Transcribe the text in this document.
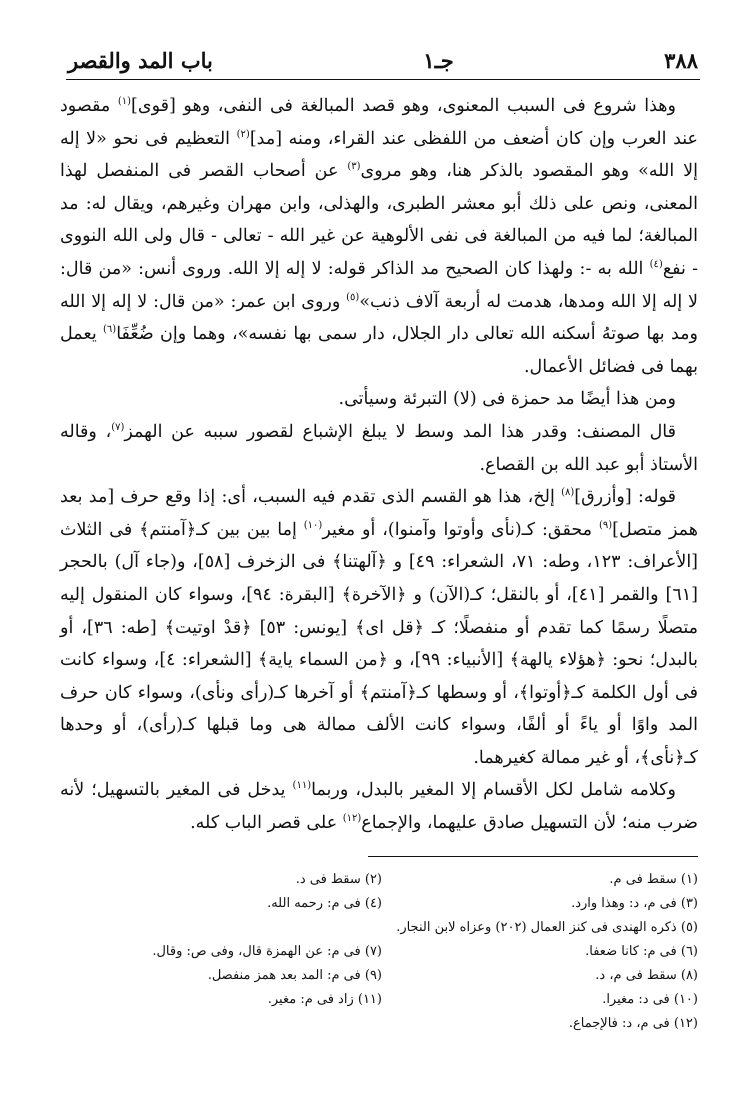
باب المد والقصر	جـ١	٣٨٨

وهذا شروع فى السبب المعنوى، وهو قصد المبالغة فى النفى، وهو [قوى]$^{(١)}$ مقصود عند العرب وإن كان أضعف من اللفظى عند القراء، ومنه [مد]$^{(٢)}$ التعظيم فى نحو «لا إله إلا الله» وهو المقصود بالذكر هنا، وهو مروى$^{(٣)}$ عن أصحاب القصر فى المنفصل لهذا المعنى، ونص على ذلك أبو معشر الطبرى، والهذلى، وابن مهران وغيرهم، ويقال له: مد المبالغة؛ لما فيه من المبالغة فى نفى الألوهية عن غير الله - تعالى - قال ولى الله النووى - نفع$^{(٤)}$ الله به -: ولهذا كان الصحيح مد الذاكر قوله: لا إله إلا الله. وروى أنس: «من قال: لا إله إلا الله ومدها، هدمت له أربعة آلاف ذنب»$^{(٥)}$ وروى ابن عمر: «من قال: لا إله إلا الله ومد بها صوتهُ أسكنه الله تعالى دار الجلال، دار سمى بها نفسه»، وهما وإن ضُعِّفَا$^{(٦)}$ يعمل بهما فى فضائل الأعمال.

ومن هذا أيضًا مد حمزة فى (لا) التبرئة وسيأتى.

قال المصنف: وقدر هذا المد وسط لا يبلغ الإشباع لقصور سببه عن الهمز$^{(٧)}$، وقاله الأستاذ أبو عبد الله بن القصاع.

قوله: [وأزرق]$^{(٨)}$ إلخ، هذا هو القسم الذى تقدم فيه السبب، أى: إذا وقع حرف [مد بعد همز متصل]$^{(٩)}$ محقق: كـ(نأى وأوتوا وآمنوا)، أو مغير$^{(١٠)}$ إما بين بين كـ﴿آمنتم﴾ فى الثلاث [الأعراف: ١٢٣، وطه: ٧١، الشعراء: ٤٩] و ﴿آلهتنا﴾ فى الزخرف [٥٨]، و(جاء آل) بالحجر [٦١] والقمر [٤١]، أو بالنقل؛ كـ(الآن) و ﴿الآخرة﴾ [البقرة: ٩٤]، وسواء كان المنقول إليه متصلًا رسمًا كما تقدم أو منفصلًا؛ كـ ﴿قل اى﴾ [يونس: ٥٣] ﴿قدْ اوتيت﴾ [طه: ٣٦]، أو بالبدل؛ نحو: ﴿هؤلاء يالهة﴾ [الأنبياء: ٩٩]، و ﴿من السماء ياية﴾ [الشعراء: ٤]، وسواء كانت فى أول الكلمة كـ﴿أوتوا﴾، أو وسطها كـ﴿آمنتم﴾ أو آخرها كـ(رأى ونأى)، وسواء كان حرف المد واوًا أو ياءً أو ألفًا، وسواء كانت الألف ممالة هى وما قبلها كـ(رأى)، أو وحدها كـ﴿نأى﴾، أو غير ممالة كغيرهما.

وكلامه شامل لكل الأقسام إلا المغير بالبدل، وربما$^{(١١)}$ يدخل فى المغير بالتسهيل؛ لأنه ضرب منه؛ لأن التسهيل صادق عليهما، والإجماع$^{(١٢)}$ على قصر الباب كله.

(١) سقط فى م.
(٢) سقط فى د.
(٣) فى م، د: وهذا وارد.
(٤) فى م: رحمه الله.
(٥) ذكره الهندى فى كنز العمال (٢٠٢) وعزاه لابن النجار.
(٦) فى م: كانا ضعفا.
(٧) فى م: عن الهمزة قال، وفى ص: وقال.
(٨) سقط فى م، د.
(٩) فى م: المد بعد همز منفصل.
(١٠) فى د: مغيرا.
(١١) زاد فى م: مغير.
(١٢) فى م، د: فالإجماع.
